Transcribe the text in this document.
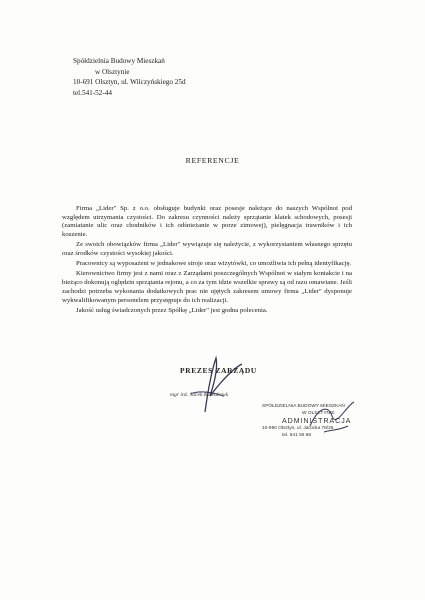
Spółdzielnia Budowy Mieszkań
w Olsztynie
10-691 Olsztyn, ul. Wilczyńskiego 25d
tel.541-52-44
REFERENCJE

Firma „Lider" Sp. z o.o. obsługuje budynki oraz posesje należące do naszych Wspólnot pod względem utrzymania czystości. Do zakresu czynności należy sprzątanie klatek schodowych, posesji (zamiatanie ulic oraz chodników i ich odśnieżanie w porze zimowej), pielęgnacja trawników i ich koszenie.

Ze swoich obowiązków firma „Lider" wywiązuje się należycie, z wykorzystaniem własnego sprzętu oraz środków czystości wysokiej jakości.

Pracownicy są wyposażeni w jednakowe stroje oraz wizytówki, co umożliwia ich pełną identyfikację.

Kierownictwo firmy jest z nami oraz z Zarządami poszczególnych Wspólnot w stałym kontakcie i na bieżąco dokonują oględzin sprzątania rejonu, a co za tym idzie wszelkie sprawy są od razu omawiane. Jeśli zachodzi potrzeba wykonania dodatkowych prac nie ujętych zakresem umowy firma „Lider" dysponuje wykwalifikowanym personelem przystępuje do ich realizacji.

Jakość usług świadczonych przez Spółkę „Lider" jest godna polecenia.

PREZES ZARZĄDU
mgr inż. Jacek Kowalczyk
SPÓŁDZIELNIA BUDOWY MIESZKAŃ
W OLSZTYNIE
ADMINISTRACJA
10-690 Olsztyn, ul. Jarocka 78/25
tel. 541 56 66
